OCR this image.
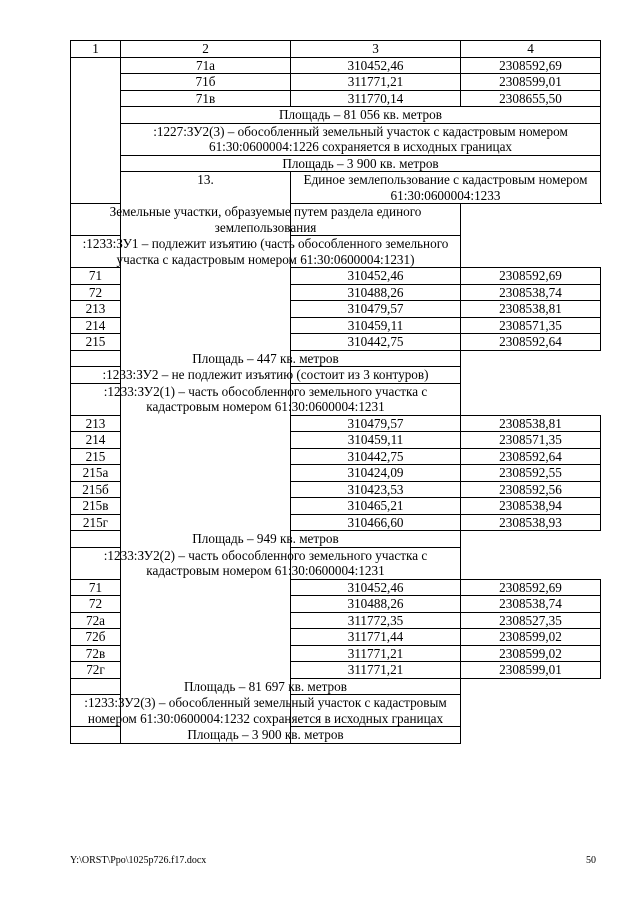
1	2	3	4
	71а	310452,46	2308592,69
	71б	311771,21	2308599,01
	71в	311770,14	2308655,50
	Площадь – 81 056 кв. метров		
	:1227:ЗУ2(3) – обособленный земельный участок с кадастровым номером 61:30:0600004:1226 сохраняется в исходных границах		
	Площадь – 3 900 кв. метров		
	13.	Единое землепользование с кадастровым номером 61:30:0600004:1233	
Земельные участки, образуемые путем раздела единого землепользования			
:1233:ЗУ1 – подлежит изъятию (часть обособленного земельного участка с кадастровым номером 61:30:0600004:1231)			
71		310452,46	2308592,69
72		310488,26	2308538,74
213		310479,57	2308538,81
214		310459,11	2308571,35
215		310442,75	2308592,64
Площадь – 447 кв. метров			
:1233:ЗУ2 – не подлежит изъятию (состоит из 3 контуров)			
:1233:ЗУ2(1) – часть обособленного земельного участка с кадастровым номером 61:30:0600004:1231			
213		310479,57	2308538,81
214		310459,11	2308571,35
215		310442,75	2308592,64
215а		310424,09	2308592,55
215б		310423,53	2308592,56
215в		310465,21	2308538,94
215г		310466,60	2308538,93
Площадь – 949 кв. метров			
:1233:ЗУ2(2) – часть обособленного земельного участка с кадастровым номером 61:30:0600004:1231			
71		310452,46	2308592,69
72		310488,26	2308538,74
72а		311772,35	2308527,35
72б		311771,44	2308599,02
72в		311771,21	2308599,02
72г		311771,21	2308599,01
Площадь – 81 697 кв. метров			
:1233:ЗУ2(3) – обособленный земельный участок с кадастровым номером 61:30:0600004:1232 сохраняется в исходных границах			
Площадь – 3 900 кв. метров			
Y:\ORST\Ppo\1025p726.f17.docx	50
